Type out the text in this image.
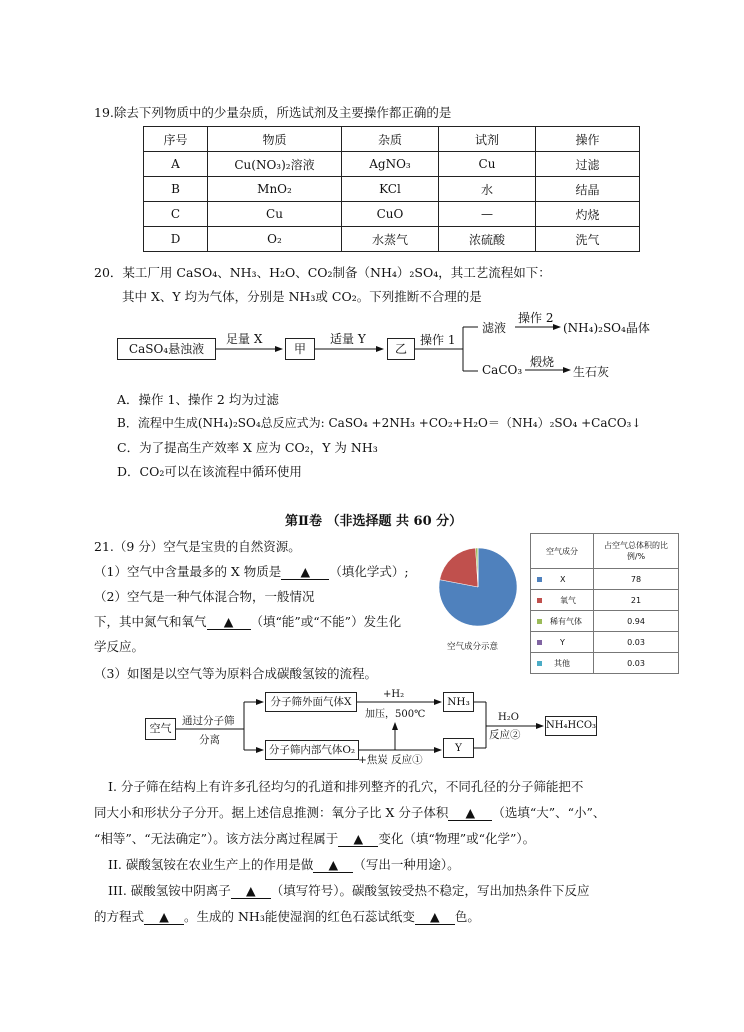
19.除去下列物质中的少量杂质，所选试剂及主要操作都正确的是
序号	物质	杂质	试剂	操作
A	Cu(NO₃)₂溶液	AgNO₃	Cu	过滤
B	MnO₂	KCl	水	结晶
C	Cu	CuO	—	灼烧
D	O₂	水蒸气	浓硫酸	洗气
20．某工厂用 CaSO₄、NH₃、H₂O、CO₂制备（NH₄）₂SO₄，其工艺流程如下：
其中 X、Y 均为气体，分别是 NH₃或 CO₂。下列推断不合理的是
CaSO₄悬浊液
足量 X
甲
适量 Y
乙
操作 1
滤液
操作 2
(NH₄)₂SO₄晶体
CaCO₃
煅烧
生石灰
A．操作 1、操作 2 均为过滤
B．流程中生成(NH₄)₂SO₄总反应式为: CaSO₄ +2NH₃ +CO₂+H₂O＝（NH₄）₂SO₄ +CaCO₃↓
C．为了提高生产效率 X 应为 CO₂，Y 为 NH₃
D．CO₂可以在该流程中循环使用
第Ⅱ卷 （非选择题 共 60 分）
21.（9 分）空气是宝贵的自然资源。
（1）空气中含量最多的 X 物质是 ▲ （填化学式）;
（2）空气是一种气体混合物，一般情况
下，其中氮气和氧气 ▲ （填“能”或“不能”）发生化
学反应。
（3）如图是以空气等为原料合成碳酸氢铵的流程。
空气成分示意
空气成分	占空气总体积的比例/%
X	78
氧气	21
稀有气体	0.94
Y	0.03
其他	0.03
空气
通过分子筛
分离
分子筛外面气体X
分子筛内部气体O₂
+H₂
加压，500℃
NH₃
+焦炭 反应①
Y
H₂O
反应②
NH₄HCO₃
I. 分子筛在结构上有许多孔径均匀的孔道和排列整齐的孔穴，不同孔径的分子筛能把不
同大小和形状分子分开。据上述信息推测：氧分子比 X 分子体积 ▲ （选填“大”、“小”、
“相等”、“无法确定”）。该方法分离过程属于 ▲ 变化（填“物理”或“化学”）。
II. 碳酸氢铵在农业生产上的作用是做 ▲ （写出一种用途）。
III. 碳酸氢铵中阴离子 ▲ （填写符号）。碳酸氢铵受热不稳定，写出加热条件下反应
的方程式 ▲ 。生成的 NH₃能使湿润的红色石蕊试纸变 ▲ 色。
